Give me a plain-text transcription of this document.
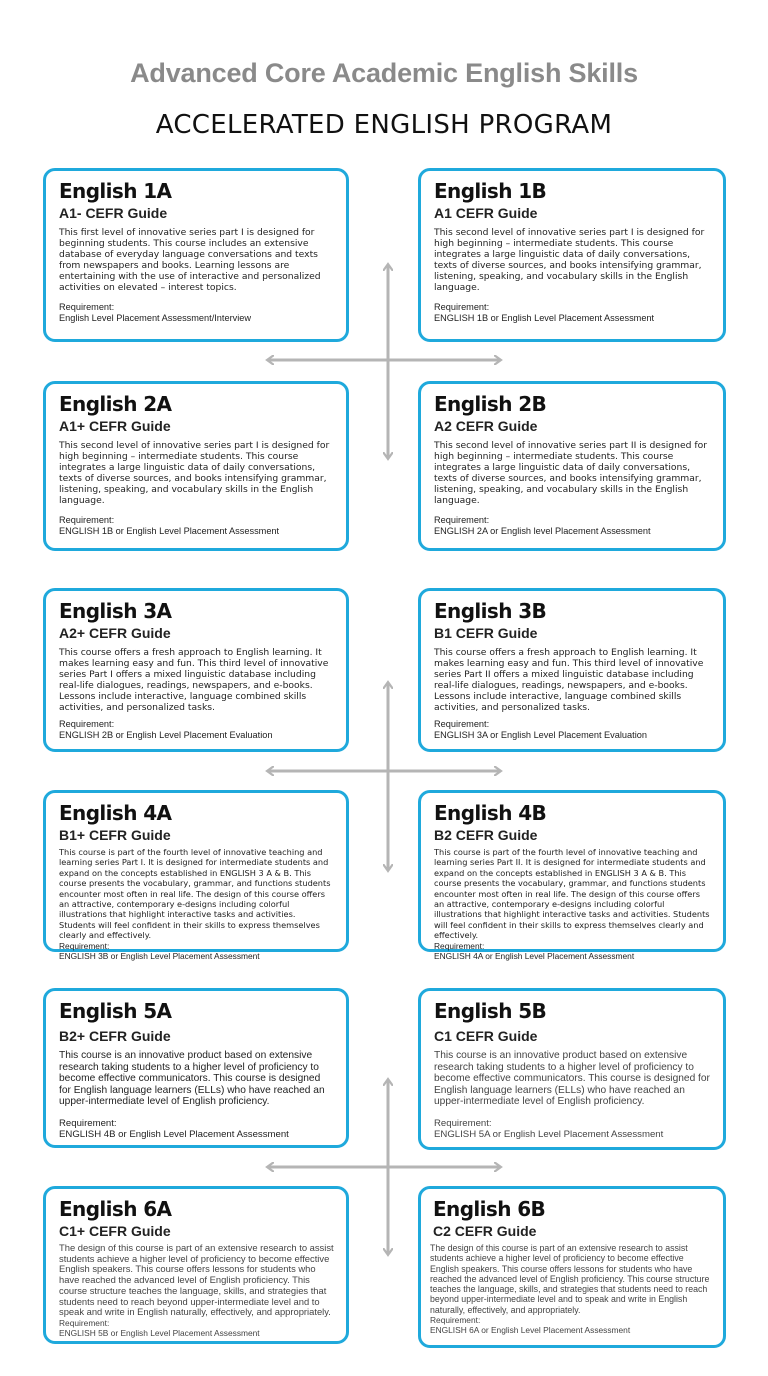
Advanced Core Academic English Skills
ACCELERATED ENGLISH PROGRAM
English 1A
A1- CEFR Guide

This first level of innovative series part I is designed for beginning students. This course includes an extensive database of everyday language conversations and texts from newspapers and books. Learning lessons are entertaining with the use of interactive and personalized activities on elevated – interest topics.

Requirement:
English Level Placement Assessment/Interview
English 1B
A1 CEFR Guide

This second level of innovative series part I is designed for high beginning – intermediate students. This course integrates a large linguistic data of daily conversations, texts of diverse sources, and books intensifying grammar, listening, speaking, and vocabulary skills in the English language.

Requirement:
ENGLISH 1B or English Level Placement Assessment
English 2A
A1+ CEFR Guide

This second level of innovative series part I is designed for high beginning – intermediate students. This course integrates a large linguistic data of daily conversations, texts of diverse sources, and books intensifying grammar, listening, speaking, and vocabulary skills in the English language.

Requirement:
ENGLISH 1B or English Level Placement Assessment
English 2B
A2 CEFR Guide

This second level of innovative series part II is designed for high beginning – intermediate students. This course integrates a large linguistic data of daily conversations, texts of diverse sources, and books intensifying grammar, listening, speaking, and vocabulary skills in the English language.

Requirement:
ENGLISH 2A or English level Placement Assessment
English 3A
A2+ CEFR Guide

This course offers a fresh approach to English learning. It makes learning easy and fun. This third level of innovative series Part I offers a mixed linguistic database including real-life dialogues, readings, newspapers, and e-books. Lessons include interactive, language combined skills activities, and personalized tasks.

Requirement:
ENGLISH 2B or English Level Placement Evaluation
English 3B
B1 CEFR Guide

This course offers a fresh approach to English learning. It makes learning easy and fun. This third level of innovative series Part II offers a mixed linguistic database including real-life dialogues, readings, newspapers, and e-books. Lessons include interactive, language combined skills activities, and personalized tasks.

Requirement:
ENGLISH 3A or English Level Placement Evaluation
English 4A
B1+ CEFR Guide

This course is part of the fourth level of innovative teaching and learning series Part I. It is designed for intermediate students and expand on the concepts established in ENGLISH 3 A & B. This course presents the vocabulary, grammar, and functions students encounter most often in real life. The design of this course offers an attractive, contemporary e-designs including colorful illustrations that highlight interactive tasks and activities. Students will feel confident in their skills to express themselves clearly and effectively.

Requirement:
ENGLISH 3B or English Level Placement Assessment
English 4B
B2 CEFR Guide

This course is part of the fourth level of innovative teaching and learning series Part II. It is designed for intermediate students and expand on the concepts established in ENGLISH 3 A & B. This course presents the vocabulary, grammar, and functions students encounter most often in real life. The design of this course offers an attractive, contemporary e-designs including colorful illustrations that highlight interactive tasks and activities. Students will feel confident in their skills to express themselves clearly and effectively.

Requirement:
ENGLISH 4A or English Level Placement Assessment
English 5A
B2+ CEFR Guide

This course is an innovative product based on extensive research taking students to a higher level of proficiency to become effective communicators. This course is designed for English language learners (ELLs) who have reached an upper-intermediate level of English proficiency.

Requirement:
ENGLISH 4B or English Level Placement Assessment
English 5B
C1 CEFR Guide

This course is an innovative product based on extensive research taking students to a higher level of proficiency to become effective communicators. This course is designed for English language learners (ELLs) who have reached an upper-intermediate level of English proficiency.

Requirement:
ENGLISH 5A or English Level Placement Assessment
English 6A
C1+ CEFR Guide

The design of this course is part of an extensive research to assist students achieve a higher level of proficiency to become effective English speakers. This course offers lessons for students who have reached the advanced level of English proficiency. This course structure teaches the language, skills, and strategies that students need to reach beyond upper-intermediate level and to speak and write in English naturally, effectively, and appropriately.

Requirement:
ENGLISH 5B or English Level Placement Assessment
English 6B
C2 CEFR Guide

The design of this course is part of an extensive research to assist students achieve a higher level of proficiency to become effective English speakers. This course offers lessons for students who have reached the advanced level of English proficiency. This course structure teaches the language, skills, and strategies that students need to reach beyond upper-intermediate level and to speak and write in English naturally, effectively, and appropriately.

Requirement:
ENGLISH 6A or English Level Placement Assessment
